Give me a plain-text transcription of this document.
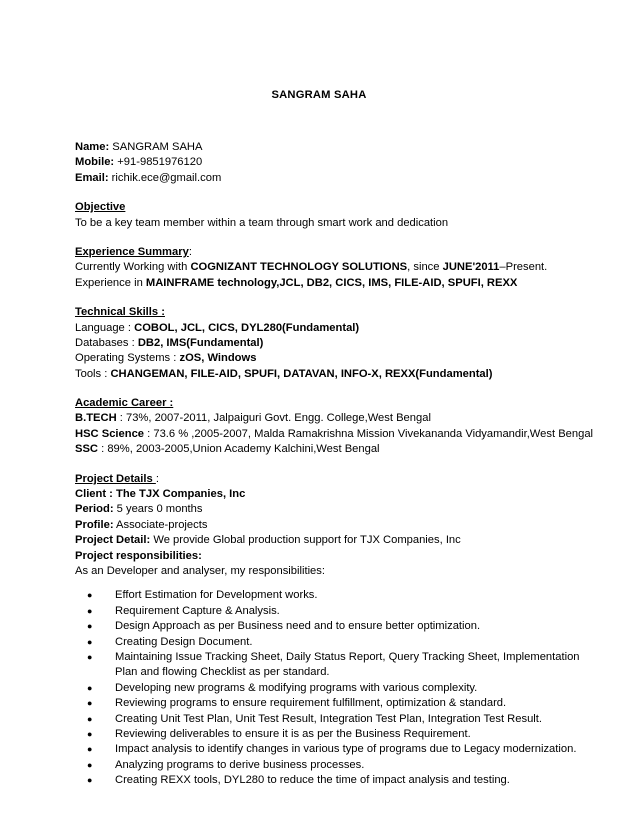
SANGRAM SAHA
Name: SANGRAM SAHA
Mobile: +91-9851976120
Email: richik.ece@gmail.com
Objective
To be a key team member within a team through smart work and dedication
Experience Summary:
Currently Working with COGNIZANT TECHNOLOGY SOLUTIONS, since JUNE'2011–Present.
Experience in MAINFRAME technology,JCL, DB2, CICS, IMS, FILE-AID, SPUFI, REXX
Technical Skills :
Language : COBOL, JCL, CICS, DYL280(Fundamental)
Databases : DB2, IMS(Fundamental)
Operating Systems : zOS, Windows
Tools : CHANGEMAN, FILE-AID, SPUFI, DATAVAN, INFO-X, REXX(Fundamental)
Academic Career :
B.TECH : 73%, 2007-2011, Jalpaiguri Govt. Engg. College,West Bengal
HSC Science : 73.6 % ,2005-2007, Malda Ramakrishna Mission Vivekananda Vidyamandir,West Bengal
SSC : 89%, 2003-2005,Union Academy Kalchini,West Bengal
Project Details :
Client : The TJX Companies, Inc
Period: 5 years 0 months
Profile: Associate-projects
Project Detail: We provide Global production support for TJX Companies, Inc
Project responsibilities:
As an Developer and analyser, my responsibilities:
● Effort Estimation for Development works.
● Requirement Capture & Analysis.
● Design Approach as per Business need and to ensure better optimization.
● Creating Design Document.
● Maintaining Issue Tracking Sheet, Daily Status Report, Query Tracking Sheet, Implementation Plan and flowing Checklist as per standard.
● Developing new programs & modifying programs with various complexity.
● Reviewing programs to ensure requirement fulfillment, optimization & standard.
● Creating Unit Test Plan, Unit Test Result, Integration Test Plan, Integration Test Result.
● Reviewing deliverables to ensure it is as per the Business Requirement.
● Impact analysis to identify changes in various type of programs due to Legacy modernization.
● Analyzing programs to derive business processes.
● Creating REXX tools, DYL280 to reduce the time of impact analysis and testing.
